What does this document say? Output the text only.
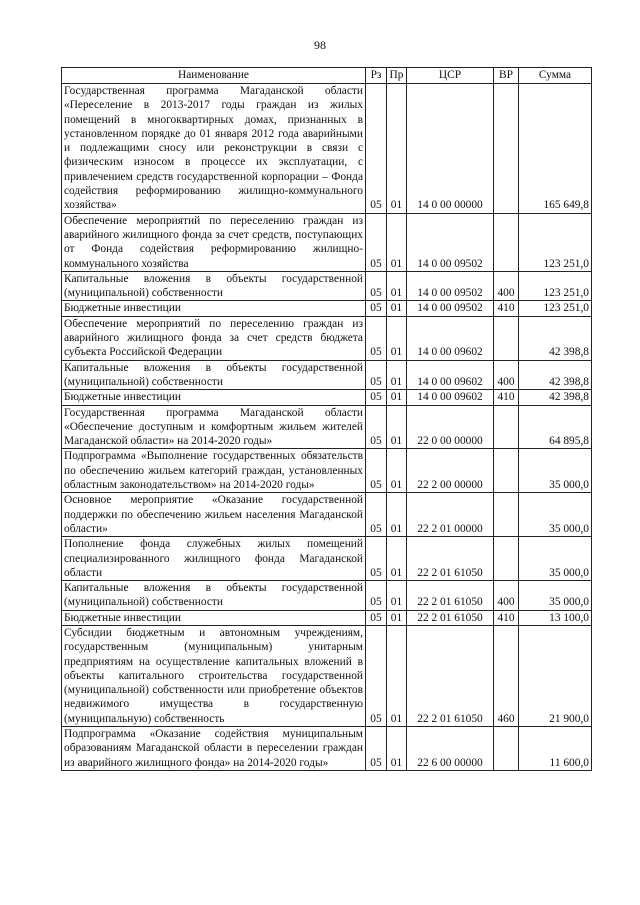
98
Наименование	Рз	Пр	ЦСР	ВР	Сумма
Государственная программа Магаданской области «Переселение в 2013-2017 годы граждан из жилых помещений в многоквартирных домах, признанных в установленном порядке до 01 января 2012 года аварийными и подлежащими сносу или реконструкции в связи с физическим износом в процессе их эксплуатации, с привлечением средств государственной корпорации – Фонда содействия реформированию жилищно-коммунального хозяйства»	05	01	14 0 00 00000		165 649,8
Обеспечение мероприятий по переселению граждан из аварийного жилищного фонда за счет средств, поступающих от Фонда содействия реформированию жилищно-коммунального хозяйства	05	01	14 0 00 09502		123 251,0
Капитальные вложения в объекты государственной (муниципальной) собственности	05	01	14 0 00 09502	400	123 251,0
Бюджетные инвестиции	05	01	14 0 00 09502	410	123 251,0
Обеспечение мероприятий по переселению граждан из аварийного жилищного фонда за счет средств бюджета субъекта Российской Федерации	05	01	14 0 00 09602		42 398,8
Капитальные вложения в объекты государственной (муниципальной) собственности	05	01	14 0 00 09602	400	42 398,8
Бюджетные инвестиции	05	01	14 0 00 09602	410	42 398,8
Государственная программа Магаданской области «Обеспечение доступным и комфортным жильем жителей Магаданской области» на 2014-2020 годы»	05	01	22 0 00 00000		64 895,8
Подпрограмма «Выполнение государственных обязательств по обеспечению жильем категорий граждан, установленных областным законодательством» на 2014-2020 годы»	05	01	22 2 00 00000		35 000,0
Основное мероприятие «Оказание государственной поддержки по обеспечению жильем населения Магаданской области»	05	01	22 2 01 00000		35 000,0
Пополнение фонда служебных жилых помещений специализированного жилищного фонда Магаданской области	05	01	22 2 01 61050		35 000,0
Капитальные вложения в объекты государственной (муниципальной) собственности	05	01	22 2 01 61050	400	35 000,0
Бюджетные инвестиции	05	01	22 2 01 61050	410	13 100,0
Субсидии бюджетным и автономным учреждениям, государственным (муниципальным) унитарным предприятиям на осуществление капитальных вложений в объекты капитального строительства государственной (муниципальной) собственности или приобретение объектов недвижимого имущества в государственную (муниципальную) собственность	05	01	22 2 01 61050	460	21 900,0
Подпрограмма «Оказание содействия муниципальным образованиям Магаданской области в переселении граждан из аварийного жилищного фонда» на 2014-2020 годы»	05	01	22 6 00 00000		11 600,0
